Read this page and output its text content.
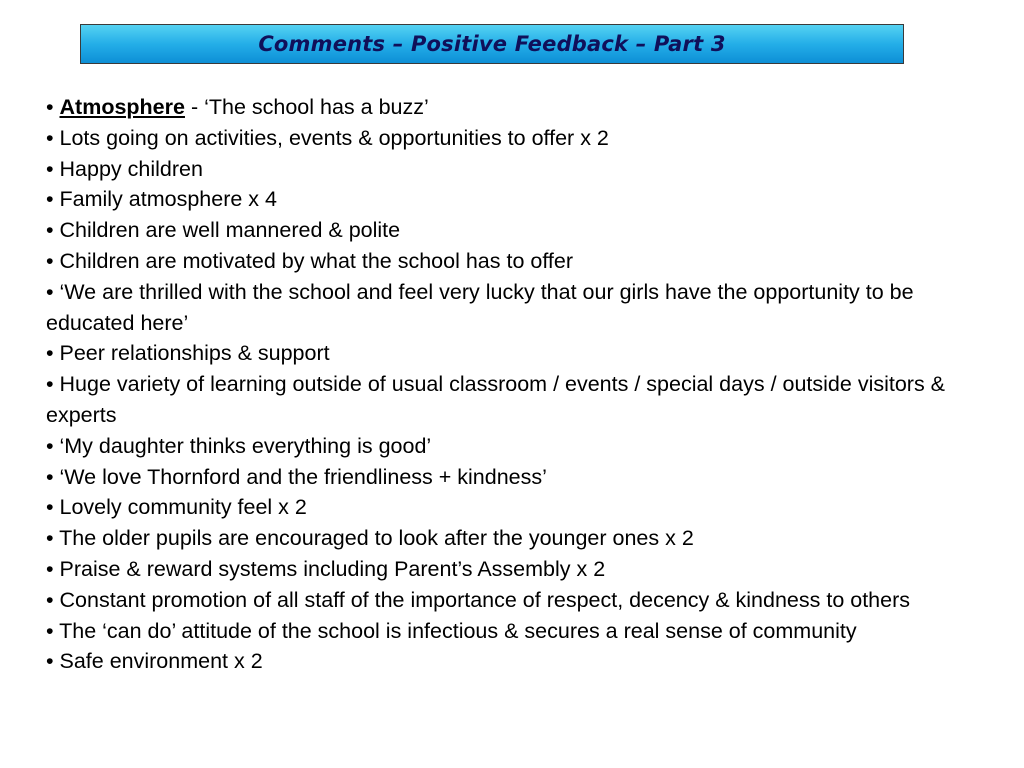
Comments – Positive Feedback – Part 3

• Atmosphere - ‘The school has a buzz’

• Lots going on activities, events & opportunities to offer x 2

• Happy children

• Family atmosphere x 4

• Children are well mannered & polite

• Children are motivated by what the school has to offer

• ‘We are thrilled with the school and feel very lucky that our girls have the opportunity to be educated here’

• Peer relationships & support

• Huge variety of learning outside of usual classroom / events / special days / outside visitors & experts

• ‘My daughter thinks everything is good’

• ‘We love Thornford and the friendliness + kindness’

• Lovely community feel x 2

• The older pupils are encouraged to look after the younger ones x 2

• Praise & reward systems including Parent’s Assembly x 2

• Constant promotion of all staff of the importance of respect, decency & kindness to others

• The ‘can do’ attitude of the school is infectious & secures a real sense of community

• Safe environment x 2
